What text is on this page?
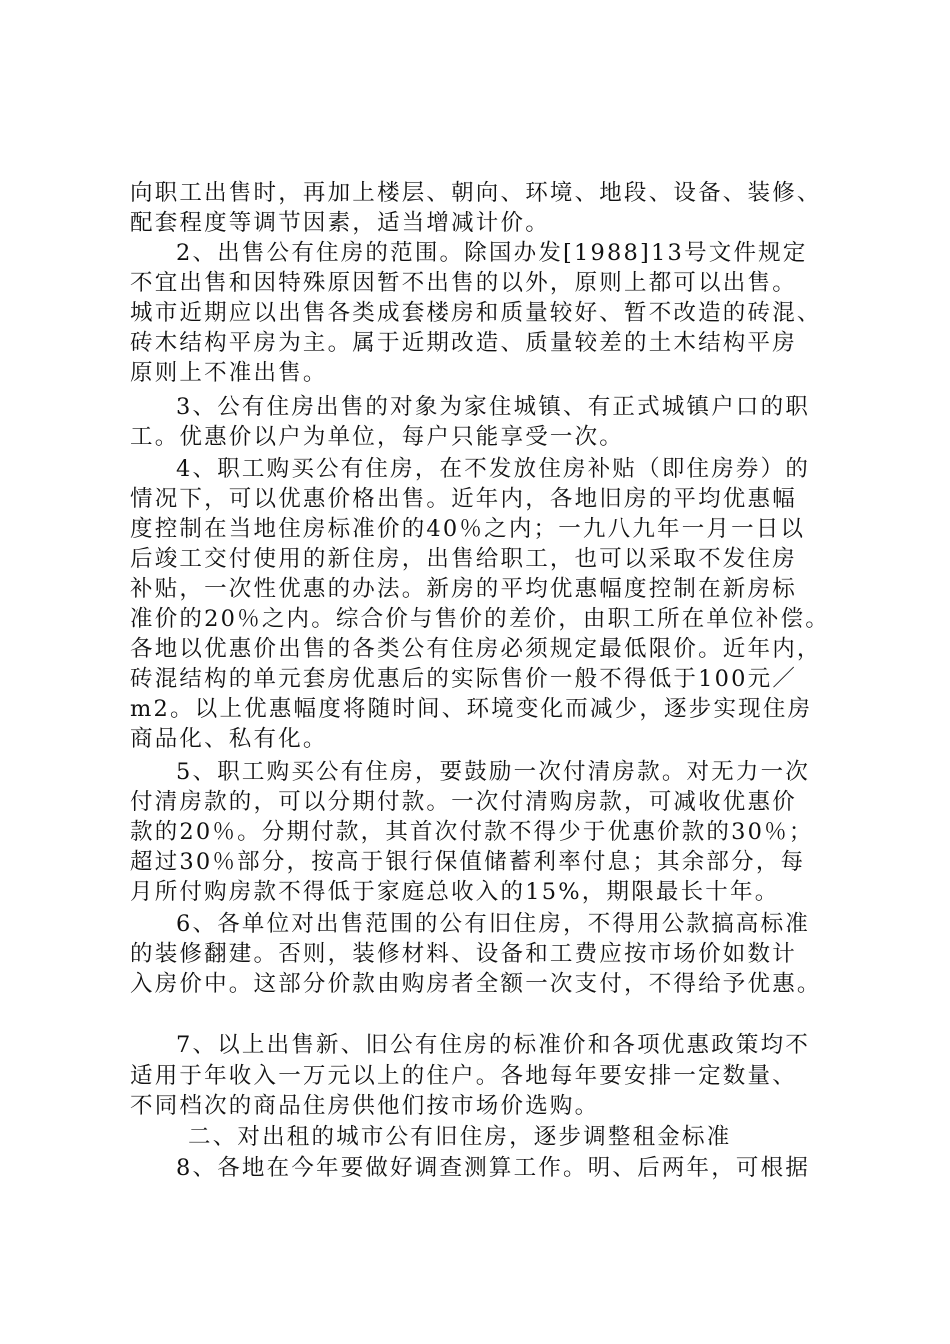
向职工出售时，再加上楼层、朝向、环境、地段、设备、装修、

配套程度等调节因素，适当增减计价。

2、出售公有住房的范围。除国办发[1988]13号文件规定

不宜出售和因特殊原因暂不出售的以外，原则上都可以出售。

城市近期应以出售各类成套楼房和质量较好、暂不改造的砖混、

砖木结构平房为主。属于近期改造、质量较差的土木结构平房

原则上不准出售。

3、公有住房出售的对象为家住城镇、有正式城镇户口的职

工。优惠价以户为单位，每户只能享受一次。

4、职工购买公有住房，在不发放住房补贴（即住房券）的

情况下，可以优惠价格出售。近年内，各地旧房的平均优惠幅

度控制在当地住房标准价的40％之内；一九八九年一月一日以

后竣工交付使用的新住房，出售给职工，也可以采取不发住房

补贴，一次性优惠的办法。新房的平均优惠幅度控制在新房标

准价的20％之内。综合价与售价的差价，由职工所在单位补偿。

各地以优惠价出售的各类公有住房必须规定最低限价。近年内，

砖混结构的单元套房优惠后的实际售价一般不得低于100元／

m2。以上优惠幅度将随时间、环境变化而减少，逐步实现住房

商品化、私有化。

5、职工购买公有住房，要鼓励一次付清房款。对无力一次

付清房款的，可以分期付款。一次付清购房款，可减收优惠价

款的20％。分期付款，其首次付款不得少于优惠价款的30％；

超过30％部分，按高于银行保值储蓄利率付息；其余部分，每

月所付购房款不得低于家庭总收入的15%，期限最长十年。

6、各单位对出售范围的公有旧住房，不得用公款搞高标准

的装修翻建。否则，装修材料、设备和工费应按市场价如数计

入房价中。这部分价款由购房者全额一次支付，不得给予优惠。

7、以上出售新、旧公有住房的标准价和各项优惠政策均不

适用于年收入一万元以上的住户。各地每年要安排一定数量、

不同档次的商品住房供他们按市场价选购。

二、对出租的城市公有旧住房，逐步调整租金标准

8、各地在今年要做好调查测算工作。明、后两年，可根据
